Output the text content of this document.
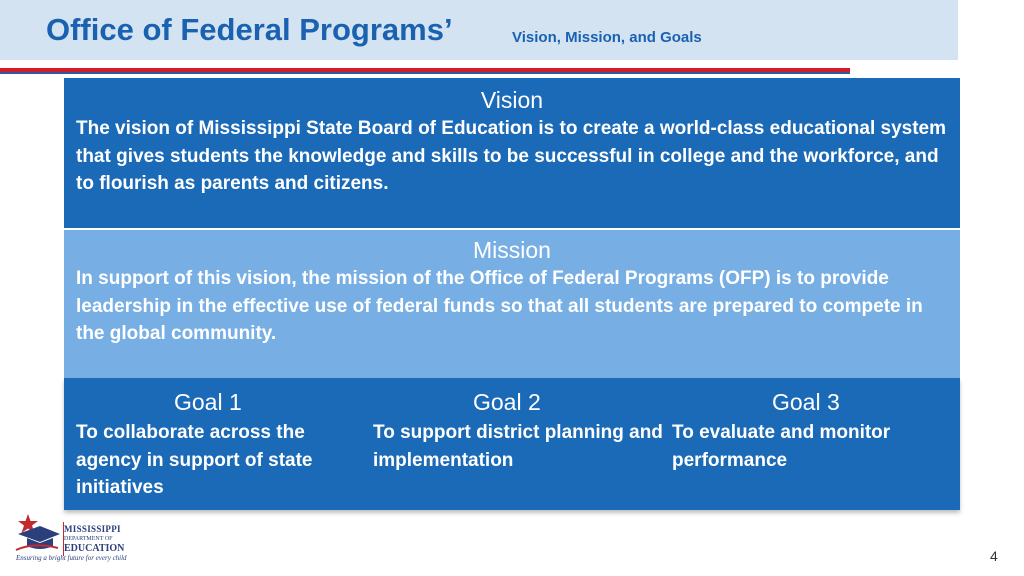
Office of Federal Programs’	Vision, Mission, and Goals

Vision

The vision of Mississippi State Board of Education is to create a world-class educational system that gives students the knowledge and skills to be successful in college and the workforce, and to flourish as parents and citizens.

Mission

In support of this vision, the mission of the Office of Federal Programs (OFP) is to provide leadership in the effective use of federal funds so that all students are prepared to compete in the global community.

Goal 1

To collaborate across the agency in support of state initiatives

Goal 2

To support district planning and implementation

Goal 3

To evaluate and monitor performance

MISSISSIPPI
DEPARTMENT OF
EDUCATION
Ensuring a bright future for every child	4
